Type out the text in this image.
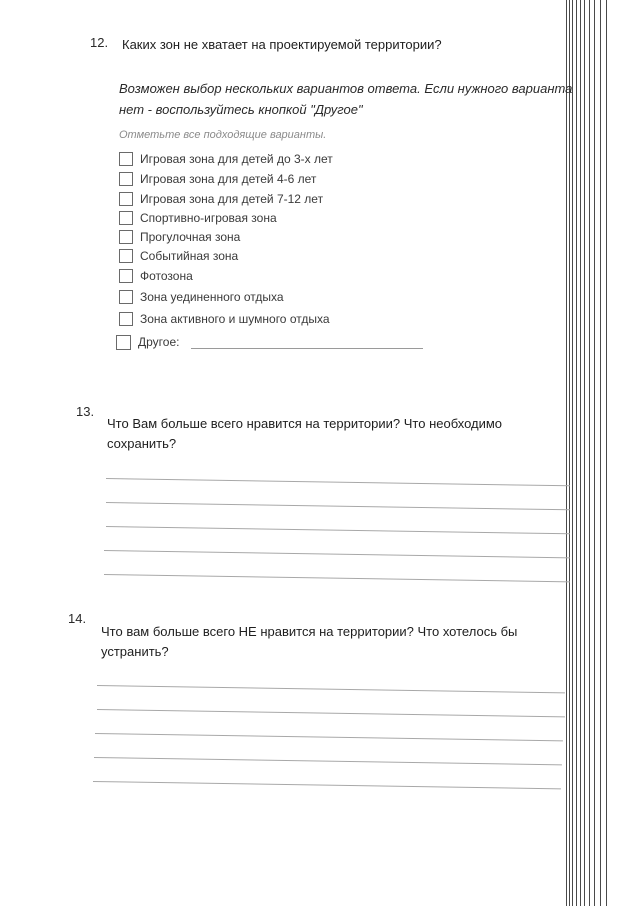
12. Каких зон не хватает на проектируемой территории?
Возможен выбор нескольких вариантов ответа. Если нужного варианта
нет - воспользуйтесь кнопкой "Другое"
Отметьте все подходящие варианты.
Игровая зона для детей до 3-х лет
Игровая зона для детей 4-6 лет
Игровая зона для детей 7-12 лет
Спортивно-игровая зона
Прогулочная зона
Событийная зона
Фотозона
Зона уединенного отдыха
Зона активного и шумного отдыха
Другое:
13.
Что Вам больше всего нравится на территории? Что необходимо
сохранить?
14.
Что вам больше всего НЕ нравится на территории? Что хотелось бы
устранить?
